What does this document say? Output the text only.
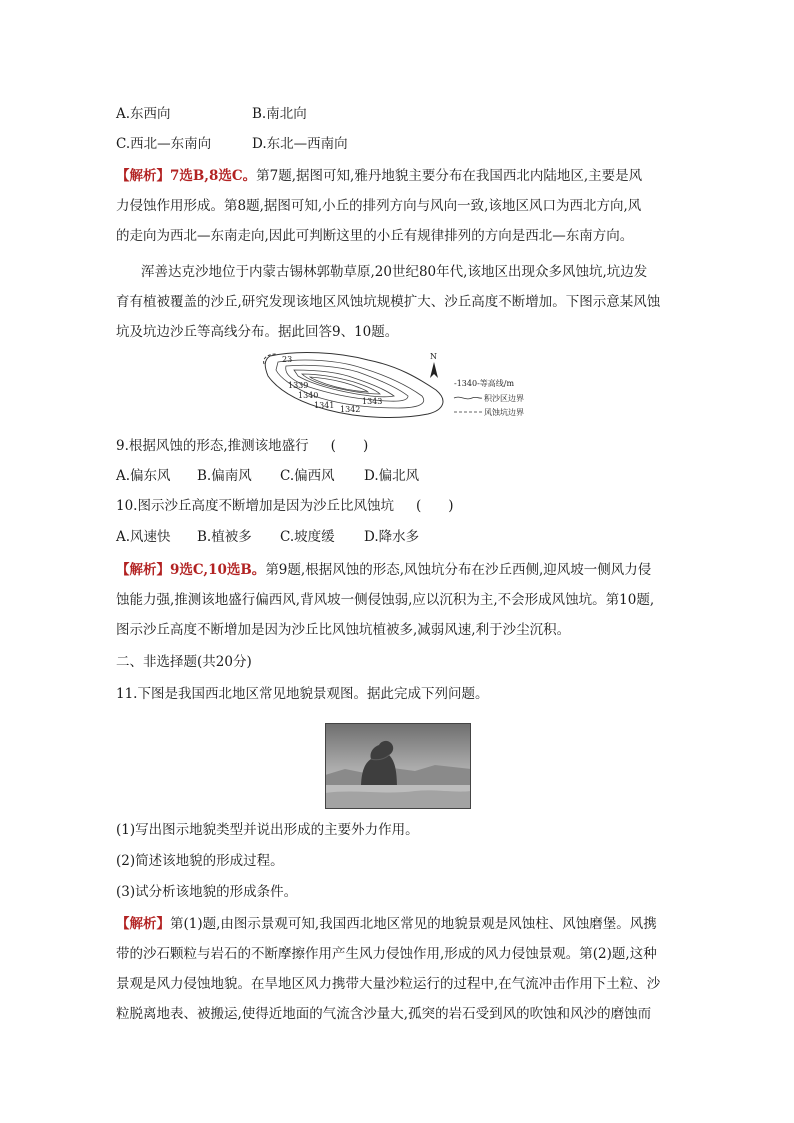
A.东西向	B.南北向
C.西北—东南向	D.东北—西南向
【解析】7选B,8选C。第7题,据图可知,雅丹地貌主要分布在我国西北内陆地区,主要是风
力侵蚀作用形成。第8题,据图可知,小丘的排列方向与风向一致,该地区风口为西北方向,风
的走向为西北—东南走向,因此可判断这里的小丘有规律排列的方向是西北—东南方向。
浑善达克沙地位于内蒙古锡林郭勒草原,20世纪80年代,该地区出现众多风蚀坑,坑边发
育有植被覆盖的沙丘,研究发现该地区风蚀坑规模扩大、沙丘高度不断增加。下图示意某风蚀
坑及坑边沙丘等高线分布。据此回答9、10题。
23
1339
1340
1341 1342
1343
N
-1340-等高线/m
积沙区边界
风蚀坑边界
9.根据风蚀的形态,推测该地盛行 (　　)
A.偏东风 B.偏南风 C.偏西风 D.偏北风
10.图示沙丘高度不断增加是因为沙丘比风蚀坑 (　　)
A.风速快 B.植被多 C.坡度缓 D.降水多
【解析】9选C,10选B。第9题,根据风蚀的形态,风蚀坑分布在沙丘西侧,迎风坡一侧风力侵
蚀能力强,推测该地盛行偏西风,背风坡一侧侵蚀弱,应以沉积为主,不会形成风蚀坑。第10题,
图示沙丘高度不断增加是因为沙丘比风蚀坑植被多,减弱风速,利于沙尘沉积。
二、非选择题(共20分)
11.下图是我国西北地区常见地貌景观图。据此完成下列问题。
(1)写出图示地貌类型并说出形成的主要外力作用。
(2)简述该地貌的形成过程。
(3)试分析该地貌的形成条件。
【解析】第(1)题,由图示景观可知,我国西北地区常见的地貌景观是风蚀柱、风蚀磨堡。风携
带的沙石颗粒与岩石的不断摩擦作用产生风力侵蚀作用,形成的风力侵蚀景观。第(2)题,这种
景观是风力侵蚀地貌。在旱地区风力携带大量沙粒运行的过程中,在气流冲击作用下土粒、沙
粒脱离地表、被搬运,使得近地面的气流含沙量大,孤突的岩石受到风的吹蚀和风沙的磨蚀而
